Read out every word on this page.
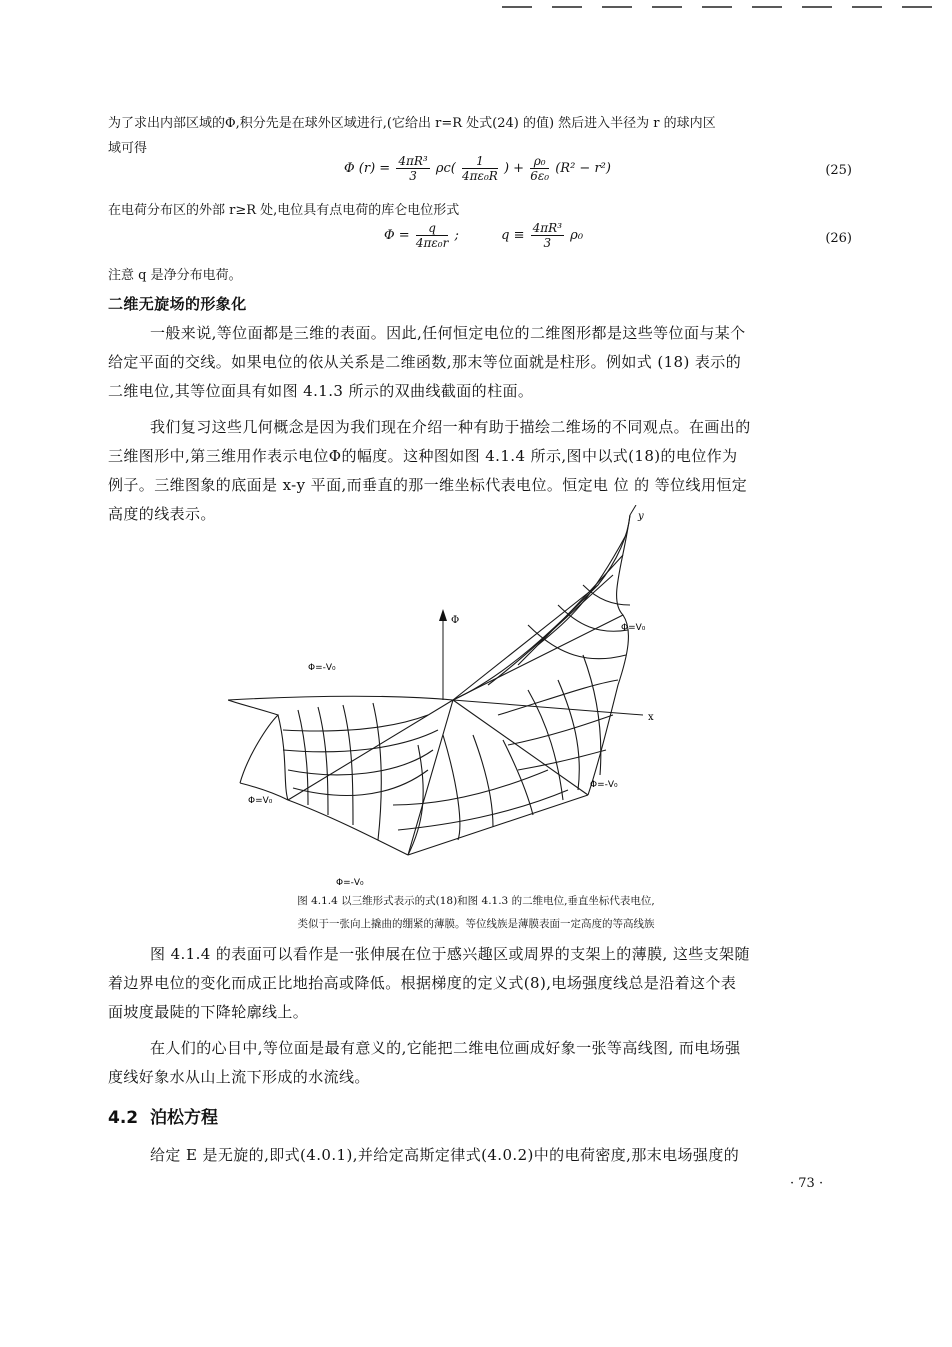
为了求出内部区域的Φ,积分先是在球外区域进行,(它给出 r=R 处式(24) 的值) 然后进入半径为 r 的球内区
域可得
Φ $(r) = \frac{\text{4πR³}}{3} \rho c( \frac{1}{\text{4πε₀R}}$ ) + $\frac{\text{ρ₀}}{\text{6ε₀}} (R^2 - r^2)$	(25)
在电荷分布区的外部 r≥R 处,电位具有点电荷的库仑电位形式
$\Phi = \frac{q}{\text{4πε₀r}}$ ;	$q \equiv \frac{\text{4πR³}}{3} \rho_0$	(26)
注意 q 是净分布电荷。
二维无旋场的形象化
一般来说,等位面都是三维的表面。因此,任何恒定电位的二维图形都是这些等位面与某个
给定平面的交线。如果电位的依从关系是二维函数,那末等位面就是柱形。例如式 (18) 表示的
二维电位,其等位面具有如图 4.1.3 所示的双曲线截面的柱面。
我们复习这些几何概念是因为我们现在介绍一种有助于描绘二维场的不同观点。在画出的
三维图形中,第三维用作表示电位Φ的幅度。这种图如图 4.1.4 所示,图中以式(18)的电位作为
例子。三维图象的底面是 x-y 平面,而垂直的那一维坐标代表电位。恒定电 位 的 等位线用恒定
高度的线表示。
Φ
x
y
Φ=V₀
Φ=-V₀
Φ=V₀
Φ=-V₀
Φ=-V₀
图 4.1.4 以三维形式表示的式(18)和图 4.1.3 的二维电位,垂直坐标代表电位,
类似于一张向上撬曲的绷紧的薄膜。等位线族是薄膜表面一定高度的等高线族
图 4.1.4 的表面可以看作是一张伸展在位于感兴趣区或周界的支架上的薄膜, 这些支架随
着边界电位的变化而成正比地抬高或降低。根据梯度的定义式(8),电场强度线总是沿着这个表
面坡度最陡的下降轮廓线上。
在人们的心目中,等位面是最有意义的,它能把二维电位画成好象一张等高线图, 而电场强
度线好象水从山上流下形成的水流线。
4.2 泊松方程
给定 E 是无旋的,即式(4.0.1),并给定高斯定律式(4.0.2)中的电荷密度,那末电场强度的
· 73 ·
